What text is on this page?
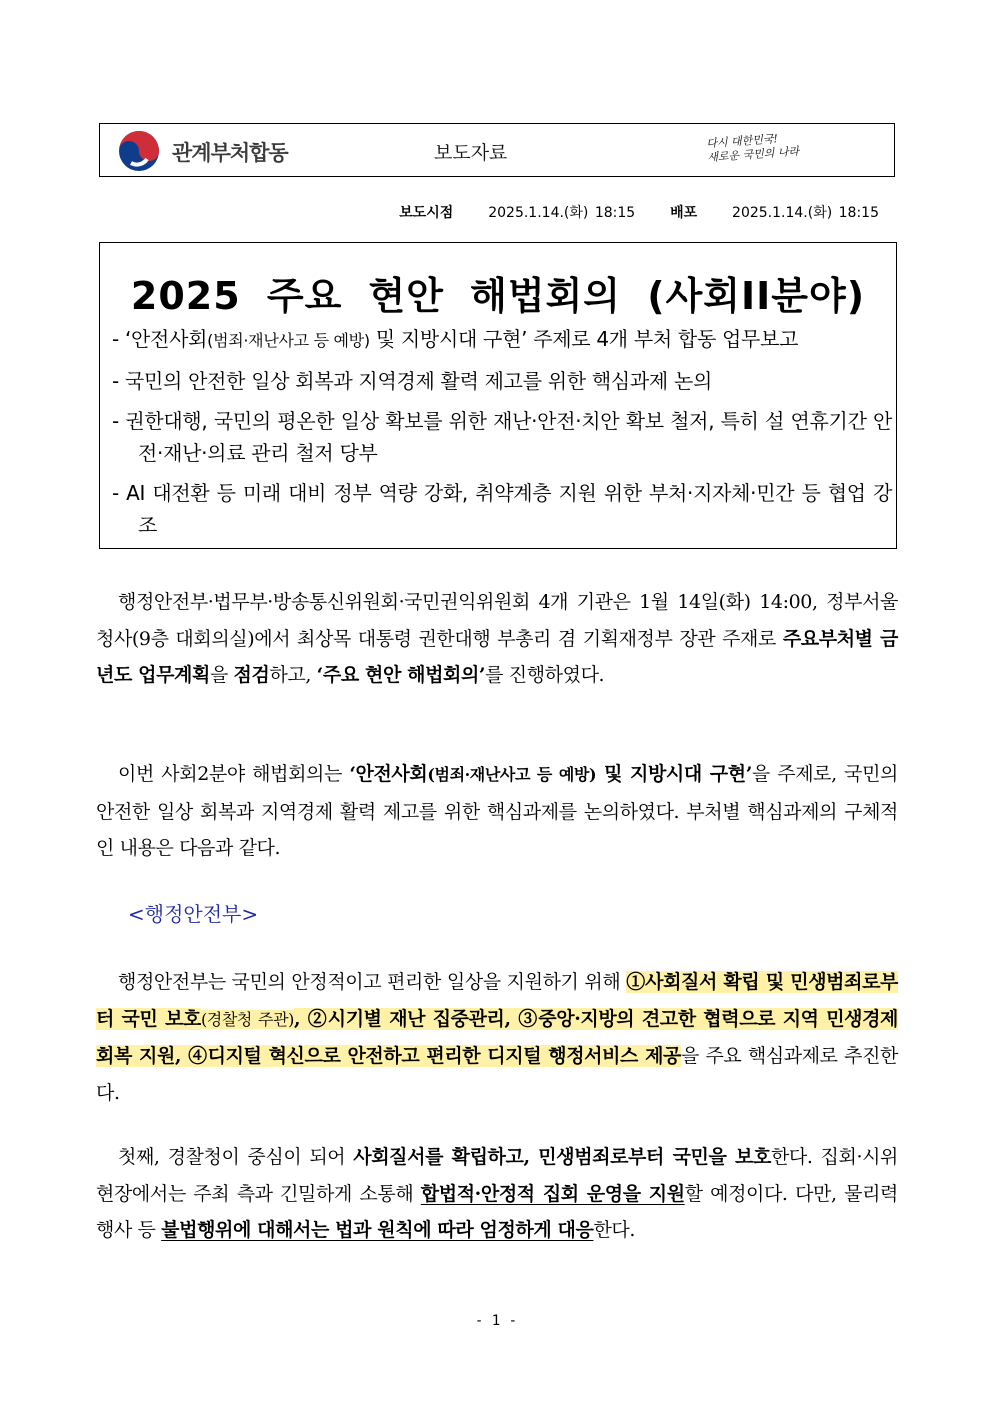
관계부처합동	보도자료
다시 대한민국!
새로운 국민의 나라
보도시점 2025.1.14.(화) 18:15 배포 2025.1.14.(화) 18:15
2025 주요 현안 해법회의 (사회II분야)
- ‘안전사회(범죄·재난사고 등 예방) 및 지방시대 구현’ 주제로 4개 부처 합동 업무보고
- 국민의 안전한 일상 회복과 지역경제 활력 제고를 위한 핵심과제 논의
- 권한대행, 국민의 평온한 일상 확보를 위한 재난·안전·치안 확보 철저, 특히 설 연휴기간 안전·재난·의료 관리 철저 당부
- AI 대전환 등 미래 대비 정부 역량 강화, 취약계층 지원 위한 부처·지자체·민간 등 협업 강조

행정안전부·법무부·방송통신위원회·국민권익위원회 4개 기관은 1월 14일(화) 14:00, 정부서울청사(9층 대회의실)에서 최상목 대통령 권한대행 부총리 겸 기획재정부 장관 주재로 주요부처별 금년도 업무계획을 점검하고, ‘주요 현안 해법회의’를 진행하였다.

이번 사회2분야 해법회의는 ‘안전사회(범죄·재난사고 등 예방) 및 지방시대 구현’을 주제로, 국민의 안전한 일상 회복과 지역경제 활력 제고를 위한 핵심과제를 논의하였다. 부처별 핵심과제의 구체적인 내용은 다음과 같다.

<행정안전부>

행정안전부는 국민의 안정적이고 편리한 일상을 지원하기 위해 ①사회질서 확립 및 민생범죄로부터 국민 보호(경찰청 주관), ②시기별 재난 집중관리, ③중앙·지방의 견고한 협력으로 지역 민생경제 회복 지원, ④디지털 혁신으로 안전하고 편리한 디지털 행정서비스 제공을 주요 핵심과제로 추진한다.

첫째, 경찰청이 중심이 되어 사회질서를 확립하고, 민생범죄로부터 국민을 보호한다. 집회·시위 현장에서는 주최 측과 긴밀하게 소통해 합법적·안정적 집회 운영을 지원할 예정이다. 다만, 물리력 행사 등 불법행위에 대해서는 법과 원칙에 따라 엄정하게 대응한다.

- 1 -
